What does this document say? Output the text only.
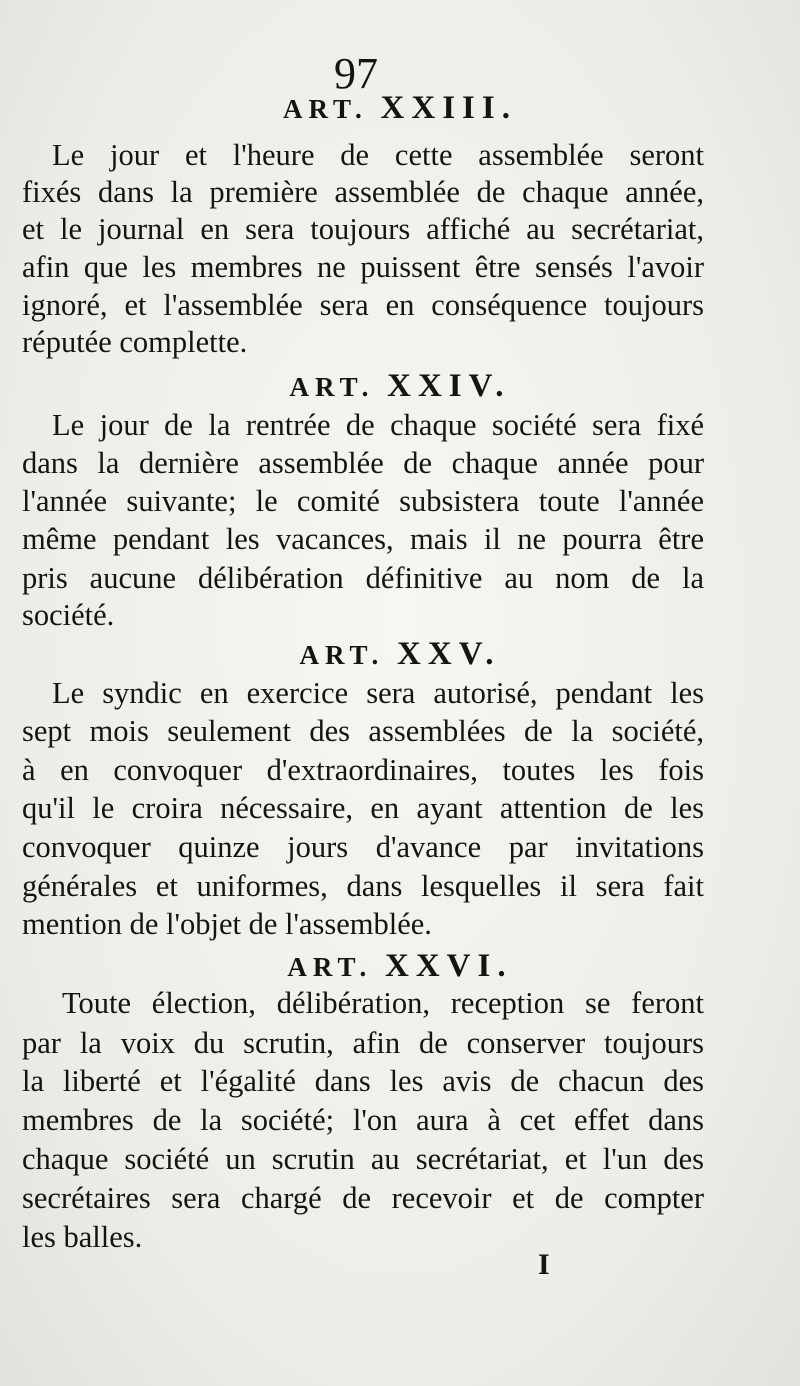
97
ART. XXIII.
Le jour et l'heure de cette assemblée seront
fixés dans la première assemblée de chaque année,
et le journal en sera toujours affiché au secrétariat,
afin que les membres ne puissent être sensés l'avoir
ignoré, et l'assemblée sera en conséquence toujours
réputée complette.
ART. XXIV.
Le jour de la rentrée de chaque société sera fixé
dans la dernière assemblée de chaque année pour
l'année suivante; le comité subsistera toute l'année
même pendant les vacances, mais il ne pourra être
pris aucune délibération définitive au nom de la
société.
ART. XXV.
Le syndic en exercice sera autorisé, pendant les
sept mois seulement des assemblées de la société,
à en convoquer d'extraordinaires, toutes les fois
qu'il le croira nécessaire, en ayant attention de les
convoquer quinze jours d'avance par invitations
générales et uniformes, dans lesquelles il sera fait
mention de l'objet de l'assemblée.
ART. XXVI.
Toute élection, délibération, reception se feront
par la voix du scrutin, afin de conserver toujours
la liberté et l'égalité dans les avis de chacun des
membres de la société; l'on aura à cet effet dans
chaque société un scrutin au secrétariat, et l'un des
secrétaires sera chargé de recevoir et de compter
les balles.
I
